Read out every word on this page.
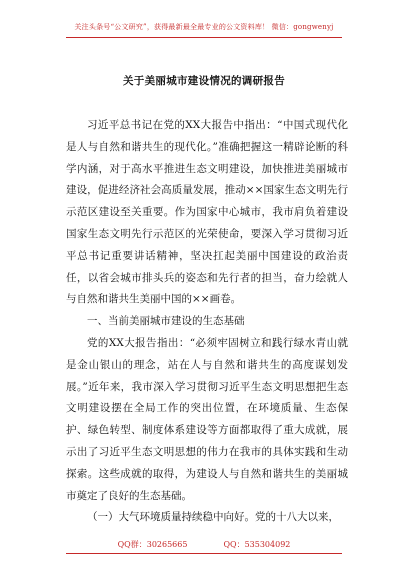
关注头条号“公文研究”，获得最新最全最专业的公文资料库！ 微信：gongwenyj
关于美丽城市建设情况的调研报告

习近平总书记在党的XX大报告中指出：“中国式现代化是人与自然和谐共生的现代化。”准确把握这一精辟论断的科学内涵，对于高水平推进生态文明建设，加快推进美丽城市建设，促进经济社会高质量发展，推动××国家生态文明先行示范区建设至关重要。作为国家中心城市，我市肩负着建设国家生态文明先行示范区的光荣使命，要深入学习贯彻习近平总书记重要讲话精神，坚决扛起美丽中国建设的政治责任，以省会城市排头兵的姿态和先行者的担当，奋力绘就人与自然和谐共生美丽中国的××画卷。

一、当前美丽城市建设的生态基础

党的XX大报告指出：“必须牢固树立和践行绿水青山就是金山银山的理念，站在人与自然和谐共生的高度谋划发展。”近年来，我市深入学习贯彻习近平生态文明思想把生态文明建设摆在全局工作的突出位置，在环境质量、生态保护、绿色转型、制度体系建设等方面都取得了重大成就，展示出了习近平生态文明思想的伟力在我市的具体实践和生动探索。这些成就的取得，为建设人与自然和谐共生的美丽城市奠定了良好的生态基础。

（一）大气环境质量持续稳中向好。党的十八大以来，

QQ群：30265665	QQ：535304092
